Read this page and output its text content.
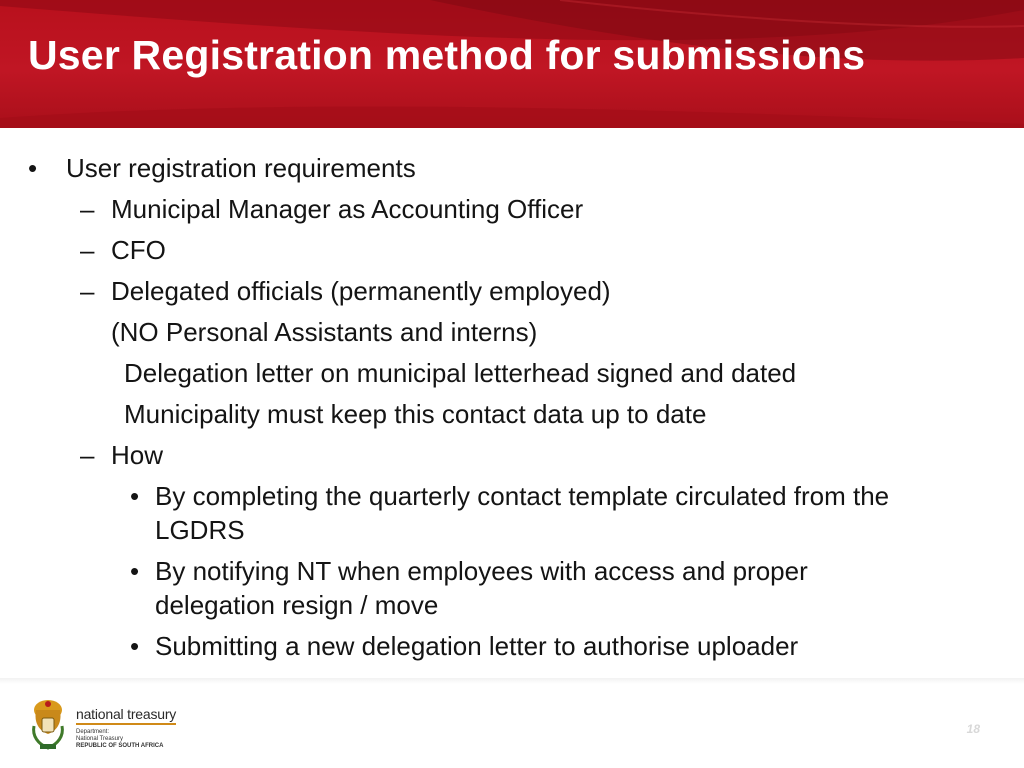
User Registration method for submissions
• User registration requirements
– Municipal Manager as Accounting Officer
– CFO
– Delegated officials (permanently employed)
(NO Personal Assistants and interns)
Delegation letter on municipal letterhead signed and dated
Municipality must keep this contact data up to date
– How
• By completing the quarterly contact template circulated from the LGDRS
• By notifying NT when employees with access and proper delegation resign / move
• Submitting a new delegation letter to authorise uploader
national treasury
Department:
National Treasury
REPUBLIC OF SOUTH AFRICA
18
